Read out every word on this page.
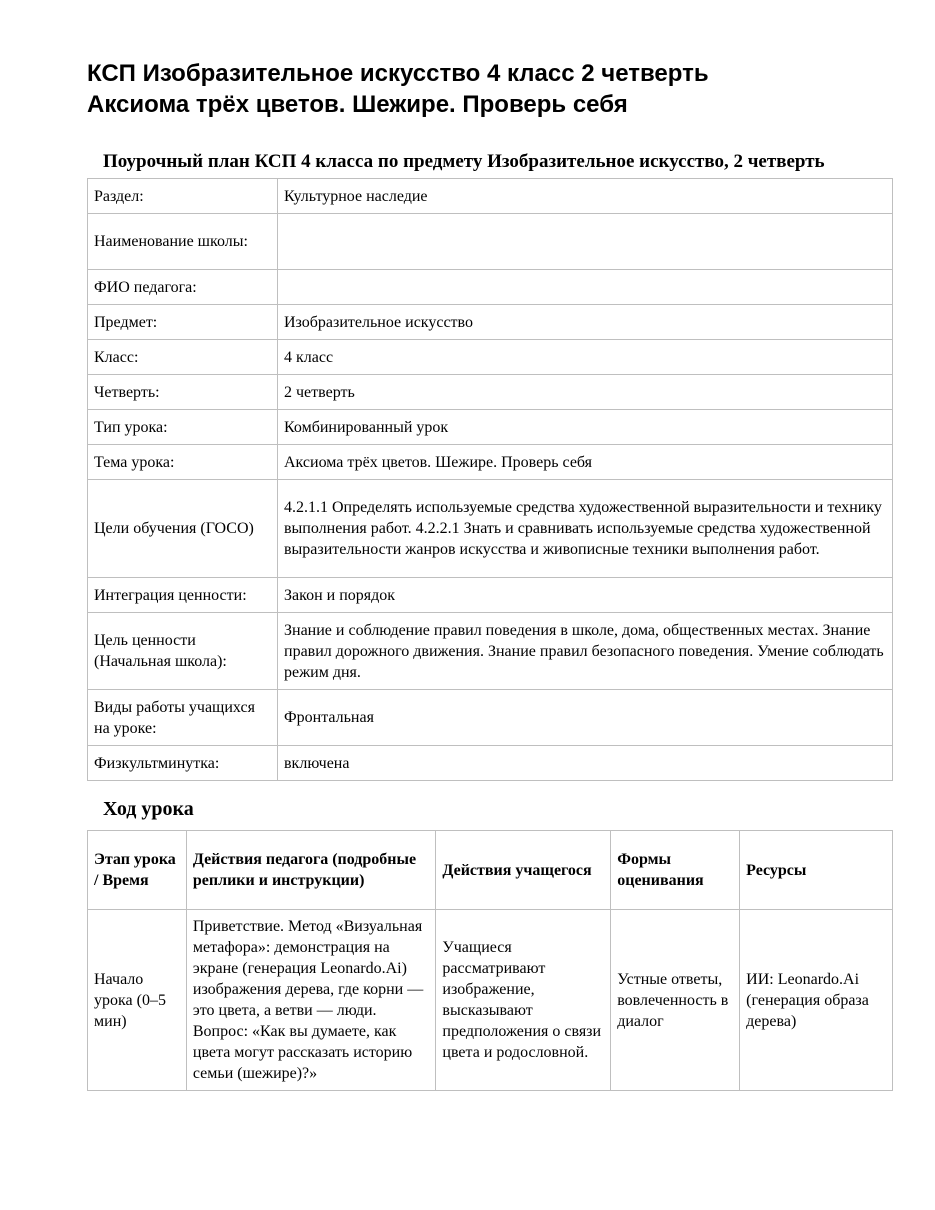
КСП Изобразительное искусство 4 класс 2 четверть
Аксиома трёх цветов. Шежире. Проверь себя
Поурочный план КСП 4 класса по предмету Изобразительное искусство, 2 четверть
Раздел:	Культурное наследие
Наименование школы:	
ФИО педагога:	
Предмет:	Изобразительное искусство
Класс:	4 класс
Четверть:	2 четверть
Тип урока:	Комбинированный урок
Тема урока:	Аксиома трёх цветов. Шежире. Проверь себя
Цели обучения (ГОСО)	4.2.1.1 Определять используемые средства художественной выразительности и технику выполнения работ. 4.2.2.1 Знать и сравнивать используемые средства художественной выразительности жанров искусства и живописные техники выполнения работ.
Интеграция ценности:	Закон и порядок
Цель ценности (Начальная школа):	Знание и соблюдение правил поведения в школе, дома, общественных местах. Знание правил дорожного движения. Знание правил безопасного поведения. Умение соблюдать режим дня.
Виды работы учащихся на уроке:	Фронтальная
Физкультминутка:	включена
Ход урока
Этап урока / Время	Действия педагога (подробные реплики и инструкции)	Действия учащегося	Формы оценивания	Ресурсы
Начало урока (0–5 мин)	Приветствие. Метод «Визуальная метафора»: демонстрация на экране (генерация Leonardo.Ai) изображения дерева, где корни — это цвета, а ветви — люди. Вопрос: «Как вы думаете, как цвета могут рассказать историю семьи (шежире)?»	Учащиеся рассматривают изображение, высказывают предположения о связи цвета и родословной.	Устные ответы, вовлеченность в диалог	ИИ: Leonardo.Ai (генерация образа дерева)
